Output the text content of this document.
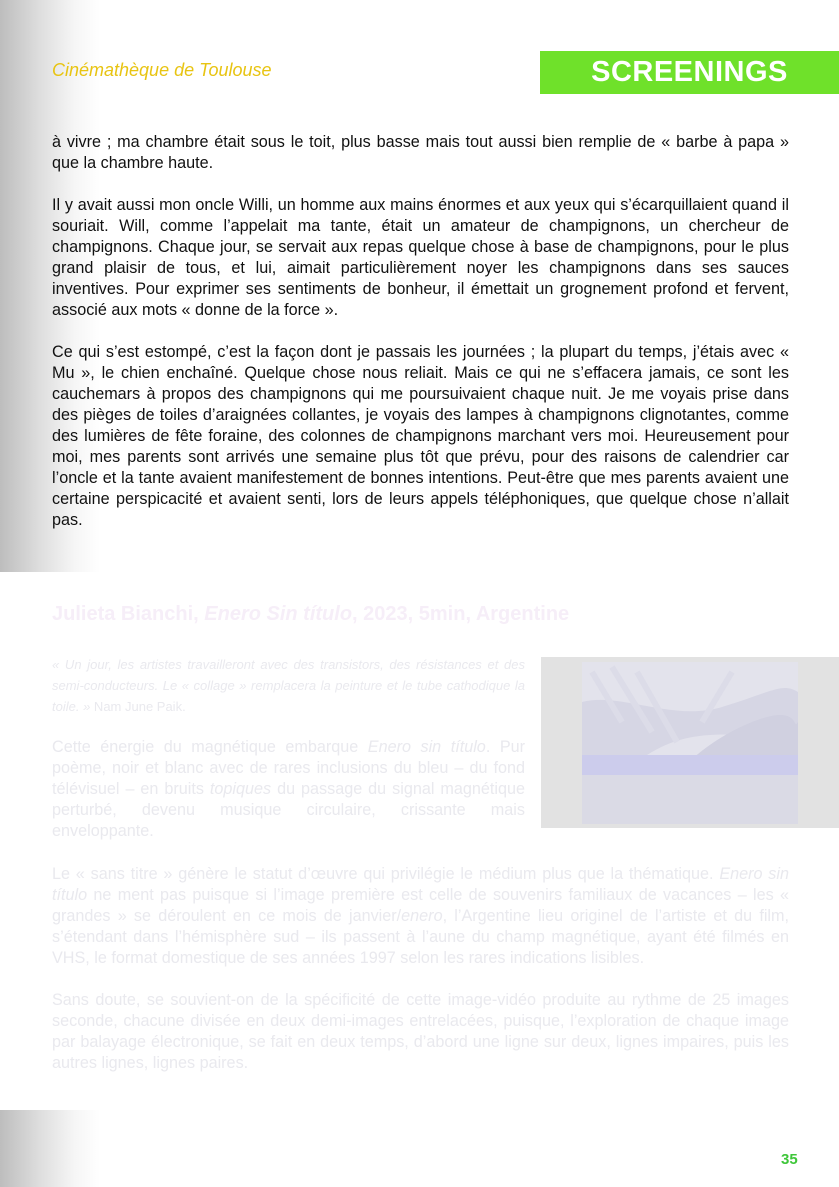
Cinémathèque de Toulouse	SCREENINGS

à vivre ; ma chambre était sous le toit, plus basse mais tout aussi bien remplie de « barbe à papa » que la chambre haute.

Il y avait aussi mon oncle Willi, un homme aux mains énormes et aux yeux qui s’écarquillaient quand il souriait. Will, comme l’appelait ma tante, était un amateur de champignons, un chercheur de champignons. Chaque jour, se servait aux repas quelque chose à base de champignons, pour le plus grand plaisir de tous, et lui, aimait particulièrement noyer les champignons dans ses sauces inventives. Pour exprimer ses sentiments de bonheur, il émettait un grognement profond et fervent, associé aux mots « donne de la force ».

Ce qui s’est estompé, c’est la façon dont je passais les journées ; la plupart du temps, j’étais avec « Mu », le chien enchaîné. Quelque chose nous reliait. Mais ce qui ne s’effacera jamais, ce sont les cauchemars à propos des champignons qui me poursuivaient chaque nuit. Je me voyais prise dans des pièges de toiles d’araignées collantes, je voyais des lampes à champignons clignotantes, comme des lumières de fête foraine, des colonnes de champignons marchant vers moi. Heureusement pour moi, mes parents sont arrivés une semaine plus tôt que prévu, pour des raisons de calendrier car l’oncle et la tante avaient manifestement de bonnes intentions. Peut-être que mes parents avaient une certaine perspicacité et avaient senti, lors de leurs appels téléphoniques, que quelque chose n’allait pas.

Julieta Bianchi, Enero Sin título, 2023, 5min, Argentine
« Un jour, les artistes travailleront avec des transistors, des résistances et des semi-conducteurs. Le « collage » remplacera la peinture et le tube cathodique la toile. » Nam June Paik.
Cette énergie du magnétique embarque Enero sin título. Pur poème, noir et blanc avec de rares inclusions du bleu – du fond télévisuel – en bruits topiques du passage du signal magnétique perturbé, devenu musique circulaire, crissante mais enveloppante.

Le « sans titre » génère le statut d’œuvre qui privilégie le médium plus que la thématique. Enero sin título ne ment pas puisque si l’image première est celle de souvenirs familiaux de vacances – les « grandes » se déroulent en ce mois de janvier/enero, l’Argentine lieu originel de l’artiste et du film, s’étendant dans l’hémisphère sud – ils passent à l’aune du champ magnétique, ayant été filmés en VHS, le format domestique de ses années 1997 selon les rares indications lisibles.

Sans doute, se souvient-on de la spécificité de cette image-vidéo produite au rythme de 25 images seconde, chacune divisée en deux demi-images entrelacées, puisque, l’exploration de chaque image par balayage électronique, se fait en deux temps, d’abord une ligne sur deux, lignes impaires, puis les autres lignes, lignes paires.

35
